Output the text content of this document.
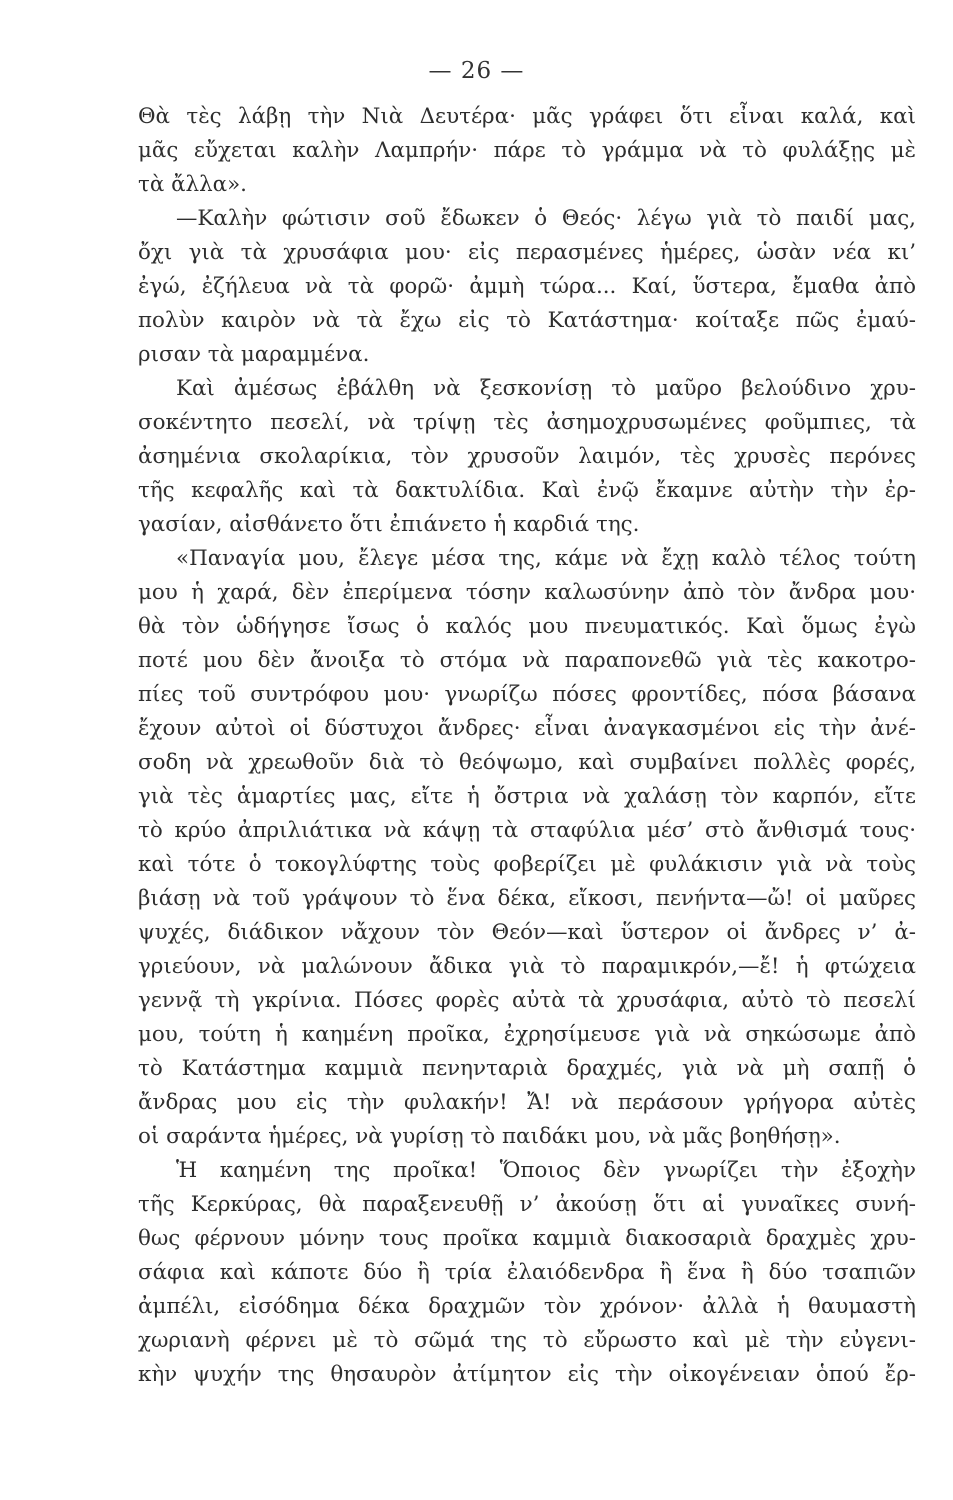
— 26 —
Θὰ τὲς λάβῃ τὴν Νιὰ Δευτέρα· μᾶς γράφει ὅτι εἶναι καλά, καὶ
μᾶς εὔχεται καλὴν Λαμπρήν· πάρε τὸ γράμμα νὰ τὸ φυλάξῃς μὲ
τὰ ἄλλα».
—Καλὴν φώτισιν σοῦ ἔδωκεν ὁ Θεός· λέγω γιὰ τὸ παιδί μας,
ὄχι γιὰ τὰ χρυσάφια μου· εἰς περασμένες ἡμέρες, ὡσὰν νέα κι’
ἐγώ, ἐζήλευα νὰ τὰ φορῶ· ἀμμὴ τώρα... Καί, ὕστερα, ἔμαθα ἀπὸ
πολὺν καιρὸν νὰ τὰ ἔχω εἰς τὸ Κατάστημα· κοίταξε πῶς ἐμαύ-
ρισαν τὰ μαραμμένα.
Καὶ ἀμέσως ἐβάλθη νὰ ξεσκονίσῃ τὸ μαῦρο βελούδινο χρυ-
σοκέντητο πεσελί, νὰ τρίψῃ τὲς ἀσημοχρυσωμένες φοῦμπιες, τὰ
ἀσημένια σκολαρίκια, τὸν χρυσοῦν λαιμόν, τὲς χρυσὲς περόνες
τῆς κεφαλῆς καὶ τὰ δακτυλίδια. Καὶ ἐνῷ ἔκαμνε αὐτὴν τὴν ἐρ-
γασίαν, αἰσθάνετο ὅτι ἐπιάνετο ἡ καρδιά της.
«Παναγία μου, ἔλεγε μέσα της, κάμε νὰ ἔχῃ καλὸ τέλος τούτη
μου ἡ χαρά, δὲν ἐπερίμενα τόσην καλωσύνην ἀπὸ τὸν ἄνδρα μου·
θὰ τὸν ὡδήγησε ἴσως ὁ καλός μου πνευματικός. Καὶ ὅμως ἐγὼ
ποτέ μου δὲν ἄνοιξα τὸ στόμα νὰ παραπονεθῶ γιὰ τὲς κακοτρο-
πίες τοῦ συντρόφου μου· γνωρίζω πόσες φροντίδες, πόσα βάσανα
ἔχουν αὐτοὶ οἱ δύστυχοι ἄνδρες· εἶναι ἀναγκασμένοι εἰς τὴν ἀνέ-
σοδη νὰ χρεωθοῦν διὰ τὸ θεόψωμο, καὶ συμβαίνει πολλὲς φορές,
γιὰ τὲς ἁμαρτίες μας, εἴτε ἡ ὄστρια νὰ χαλάσῃ τὸν καρπόν, εἴτε
τὸ κρύο ἀπριλιάτικα νὰ κάψῃ τὰ σταφύλια μέσ’ στὸ ἄνθισμά τους·
καὶ τότε ὁ τοκογλύφτης τοὺς φοβερίζει μὲ φυλάκισιν γιὰ νὰ τοὺς
βιάσῃ νὰ τοῦ γράψουν τὸ ἕνα δέκα, εἴκοσι, πενήντα—ὤ! οἱ μαῦρες
ψυχές, διάδικον νἄχουν τὸν Θεόν—καὶ ὕστερον οἱ ἄνδρες ν’ ἀ-
γριεύουν, νὰ μαλώνουν ἄδικα γιὰ τὸ παραμικρόν,—ἔ! ἡ φτώχεια
γεννᾷ τὴ γκρίνια. Πόσες φορὲς αὐτὰ τὰ χρυσάφια, αὐτὸ τὸ πεσελί
μου, τούτη ἡ καημένη προῖκα, ἐχρησίμευσε γιὰ νὰ σηκώσωμε ἀπὸ
τὸ Κατάστημα καμμιὰ πενηνταριὰ δραχμές, γιὰ νὰ μὴ σαπῇ ὁ
ἄνδρας μου εἰς τὴν φυλακήν! Ἄ! νὰ περάσουν γρήγορα αὐτὲς
οἱ σαράντα ἡμέρες, νὰ γυρίσῃ τὸ παιδάκι μου, νὰ μᾶς βοηθήσῃ».
Ἡ καημένη της προῖκα! Ὅποιος δὲν γνωρίζει τὴν ἐξοχὴν
τῆς Κερκύρας, θὰ παραξενευθῇ ν’ ἀκούσῃ ὅτι αἱ γυναῖκες συνή-
θως φέρνουν μόνην τους προῖκα καμμιὰ διακοσαριὰ δραχμὲς χρυ-
σάφια καὶ κάποτε δύο ἢ τρία ἐλαιόδενδρα ἢ ἕνα ἢ δύο τσαπιῶν
ἀμπέλι, εἰσόδημα δέκα δραχμῶν τὸν χρόνον· ἀλλὰ ἡ θαυμαστὴ
χωριανὴ φέρνει μὲ τὸ σῶμά της τὸ εὔρωστο καὶ μὲ τὴν εὐγενι-
κὴν ψυχήν της θησαυρὸν ἀτίμητον εἰς τὴν οἰκογένειαν ὁπού ἔρ-
